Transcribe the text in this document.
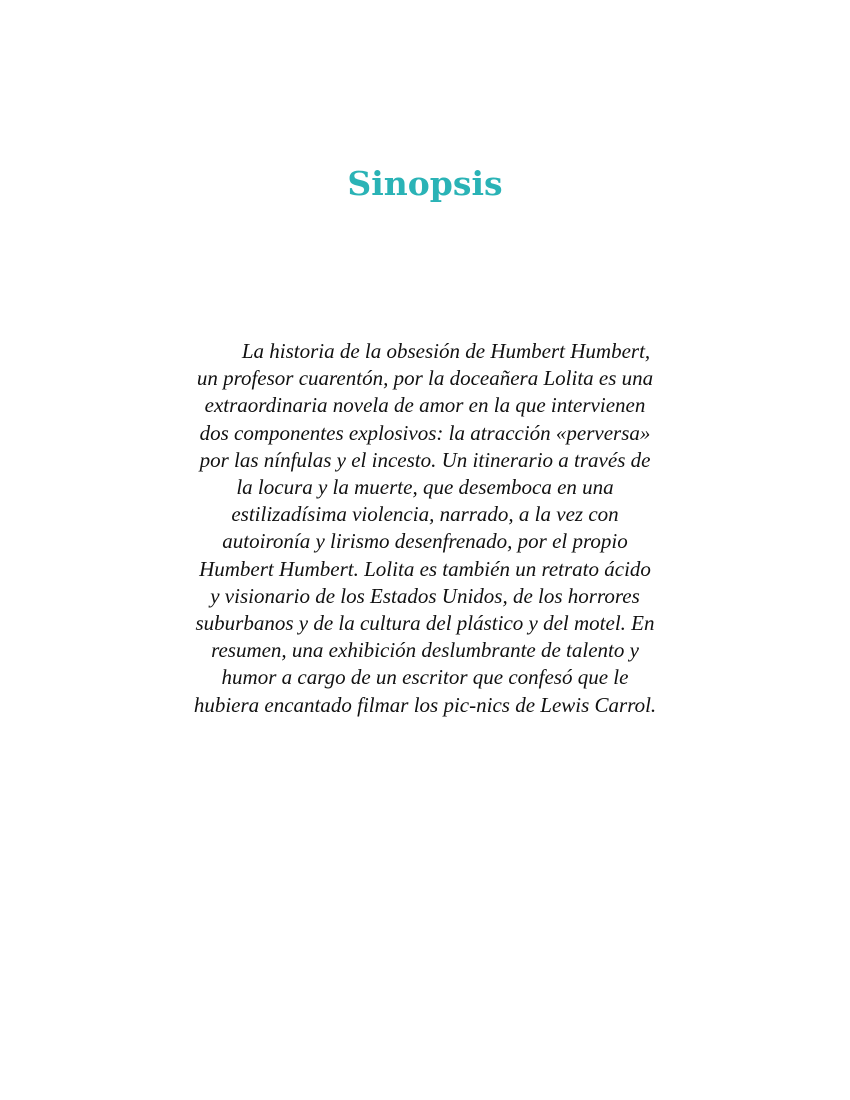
Sinopsis

La historia de la obsesión de Humbert Humbert,
un profesor cuarentón, por la doceañera Lolita es una
extraordinaria novela de amor en la que intervienen
dos componentes explosivos: la atracción «perversa»
por las nínfulas y el incesto. Un itinerario a través de
la locura y la muerte, que desemboca en una
estilizadísima violencia, narrado, a la vez con
autoironía y lirismo desenfrenado, por el propio
Humbert Humbert. Lolita es también un retrato ácido
y visionario de los Estados Unidos, de los horrores
suburbanos y de la cultura del plástico y del motel. En
resumen, una exhibición deslumbrante de talento y
humor a cargo de un escritor que confesó que le
hubiera encantado filmar los pic-nics de Lewis Carrol.
